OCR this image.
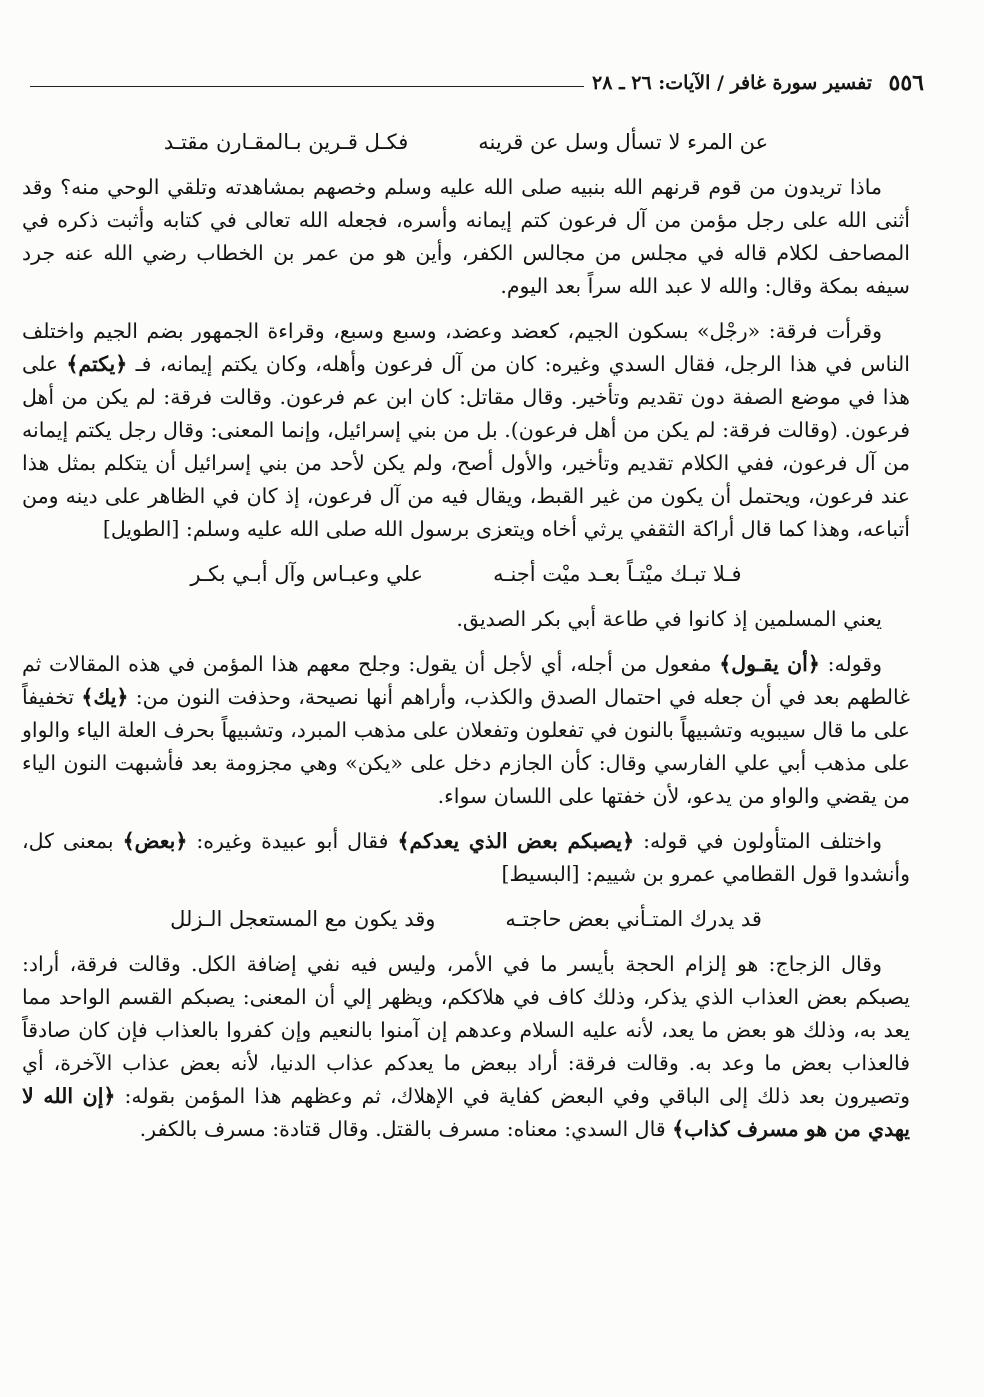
تفسير سورة غافر / الآيات: ٢٦ ـ ٢٨ ٥٥٦
عن المرء لا تسأل وسل عن قرينه
فكـل قـرين بـالمقـارن مقتـد

ماذا تريدون من قوم قرنهم الله بنبيه صلى الله عليه وسلم وخصهم بمشاهدته وتلقي الوحي منه؟ وقد أثنى الله على رجل مؤمن من آل فرعون كتم إيمانه وأسره، فجعله الله تعالى في كتابه وأثبت ذكره في المصاحف لكلام قاله في مجلس من مجالس الكفر، وأين هو من عمر بن الخطاب رضي الله عنه جرد سيفه بمكة وقال: والله لا عبد الله سراً بعد اليوم.

وقرأت فرقة: «رجْل» بسكون الجيم، كعضد وعضد، وسبع وسبع، وقراءة الجمهور بضم الجيم واختلف الناس في هذا الرجل، فقال السدي وغيره: كان من آل فرعون وأهله، وكان يكتم إيمانه، فـ ﴿يكتم﴾ على هذا في موضع الصفة دون تقديم وتأخير. وقال مقاتل: كان ابن عم فرعون. وقالت فرقة: لم يكن من أهل فرعون. (وقالت فرقة: لم يكن من أهل فرعون). بل من بني إسرائيل، وإنما المعنى: وقال رجل يكتم إيمانه من آل فرعون، ففي الكلام تقديم وتأخير، والأول أصح، ولم يكن لأحد من بني إسرائيل أن يتكلم بمثل هذا عند فرعون، ويحتمل أن يكون من غير القبط، ويقال فيه من آل فرعون، إذ كان في الظاهر على دينه ومن أتباعه، وهذا كما قال أراكة الثقفي يرثي أخاه ويتعزى برسول الله صلى الله عليه وسلم: [الطويل]

فـلا تبـك ميْتـاً بعـد ميْت أجنـه
علي وعبـاس وآل أبـي بكـر

يعني المسلمين إذ كانوا في طاعة أبي بكر الصديق.

وقوله: ﴿أن يقـول﴾ مفعول من أجله، أي لأجل أن يقول: وجلح معهم هذا المؤمن في هذه المقالات ثم غالطهم بعد في أن جعله في احتمال الصدق والكذب، وأراهم أنها نصيحة، وحذفت النون من: ﴿يك﴾ تخفيفاً على ما قال سيبويه وتشبيهاً بالنون في تفعلون وتفعلان على مذهب المبرد، وتشبيهاً بحرف العلة الياء والواو على مذهب أبي علي الفارسي وقال: كأن الجازم دخل على «يكن» وهي مجزومة بعد فأشبهت النون الياء من يقضي والواو من يدعو، لأن خفتها على اللسان سواء.

واختلف المتأولون في قوله: ﴿يصبكم بعض الذي يعدكم﴾ فقال أبو عبيدة وغيره: ﴿بعض﴾ بمعنى كل، وأنشدوا قول القطامي عمرو بن شييم: [البسيط]

قد يدرك المتـأني بعض حاجتـه
وقد يكون مع المستعجل الـزلل

وقال الزجاج: هو إلزام الحجة بأيسر ما في الأمر، وليس فيه نفي إضافة الكل. وقالت فرقة، أراد: يصبكم بعض العذاب الذي يذكر، وذلك كاف في هلاككم، ويظهر إلي أن المعنى: يصبكم القسم الواحد مما يعد به، وذلك هو بعض ما يعد، لأنه عليه السلام وعدهم إن آمنوا بالنعيم وإن كفروا بالعذاب فإن كان صادقاً فالعذاب بعض ما وعد به. وقالت فرقة: أراد ببعض ما يعدكم عذاب الدنيا، لأنه بعض عذاب الآخرة، أي وتصيرون بعد ذلك إلى الباقي وفي البعض كفاية في الإهلاك، ثم وعظهم هذا المؤمن بقوله: ﴿إن الله لا يهدي من هو مسرف كذاب﴾ قال السدي: معناه: مسرف بالقتل. وقال قتادة: مسرف بالكفر.
